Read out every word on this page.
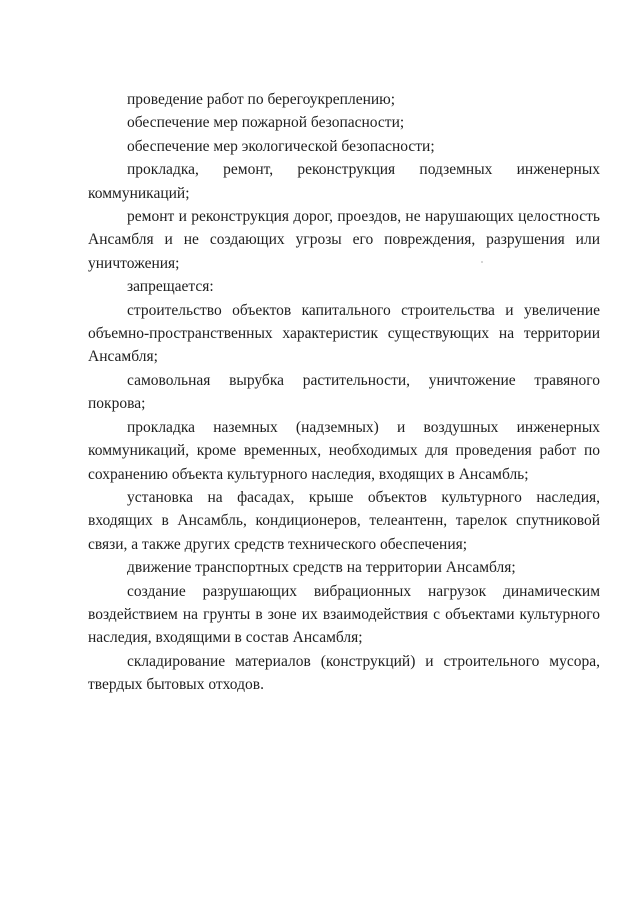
проведение работ по берегоукреплению;

обеспечение мер пожарной безопасности;

обеспечение мер экологической безопасности;

прокладка, ремонт, реконструкция подземных инженерных коммуникаций;

ремонт и реконструкция дорог, проездов, не нарушающих целостность Ансамбля и не создающих угрозы его повреждения, разрушения или уничтожения;

запрещается:

строительство объектов капитального строительства и увеличение объемно-пространственных характеристик существующих на территории Ансамбля;

самовольная вырубка растительности, уничтожение травяного покрова;

прокладка наземных (надземных) и воздушных инженерных коммуникаций, кроме временных, необходимых для проведения работ по сохранению объекта культурного наследия, входящих в Ансамбль;

установка на фасадах, крыше объектов культурного наследия, входящих в Ансамбль, кондиционеров, телеантенн, тарелок спутниковой связи, а также других средств технического обеспечения;

движение транспортных средств на территории Ансамбля;

создание разрушающих вибрационных нагрузок динамическим воздействием на грунты в зоне их взаимодействия с объектами культурного наследия, входящими в состав Ансамбля;

складирование материалов (конструкций) и строительного мусора, твердых бытовых отходов.
